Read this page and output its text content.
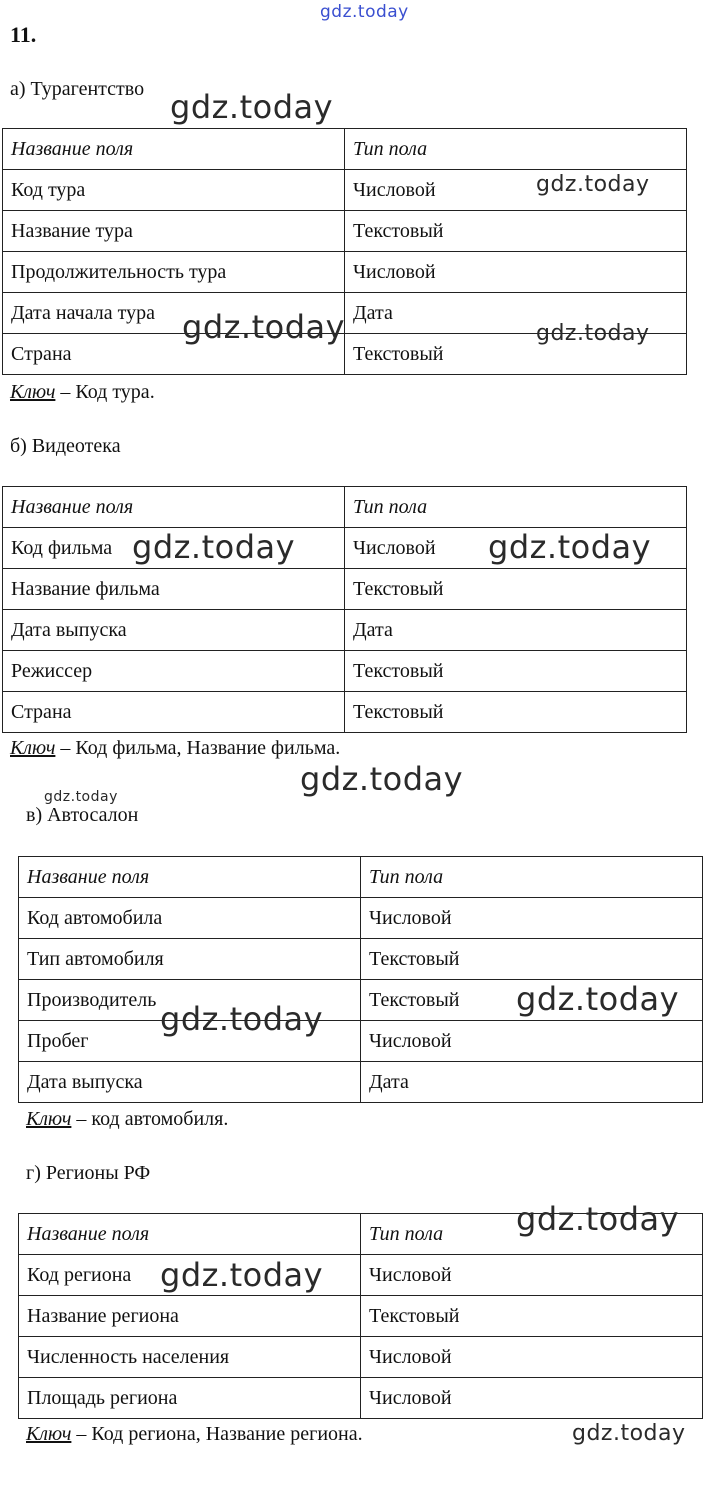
11.
а) Турагентство
Название поля	Тип пола
Код тура	Числовой
Название тура	Текстовый
Продолжительность тура	Числовой
Дата начала тура	Дата
Страна	Текстовый
Ключ – Код тура.
б) Видеотека
Название поля	Тип пола
Код фильма	Числовой
Название фильма	Текстовый
Дата выпуска	Дата
Режиссер	Текстовый
Страна	Текстовый
Ключ – Код фильма, Название фильма.
в) Автосалон
Название поля	Тип пола
Код автомобила	Числовой
Тип автомобиля	Текстовый
Производитель	Текстовый
Пробег	Числовой
Дата выпуска	Дата
Ключ – код автомобиля.
г) Регионы РФ
Название поля	Тип пола
Код региона	Числовой
Название региона	Текстовый
Численность населения	Числовой
Площадь региона	Числовой
Ключ – Код региона, Название региона.
gdz.today
gdz.today
gdz.today
gdz.today	gdz.today
gdz.today	gdz.today
gdz.today
gdz.today
gdz.today
gdz.today
gdz.today
gdz.today
gdz.today
